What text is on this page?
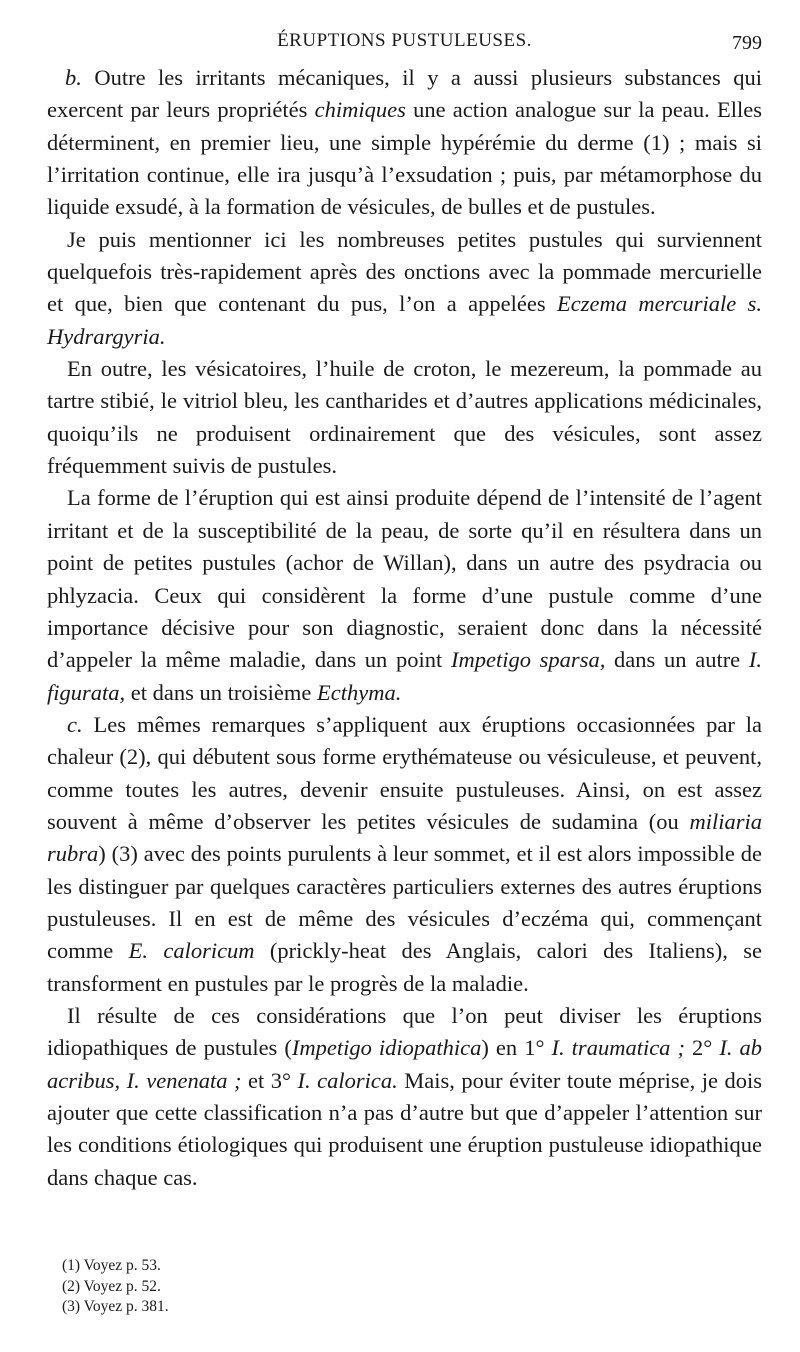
ÉRUPTIONS PUSTULEUSES.	799

b. Outre les irritants mécaniques, il y a aussi plusieurs substances qui exercent par leurs propriétés chimiques une action analogue sur la peau. Elles déterminent, en premier lieu, une simple hypérémie du derme (1) ; mais si l’irritation continue, elle ira jusqu’à l’exsudation ; puis, par métamorphose du liquide exsudé, à la formation de vésicules, de bulles et de pustules.

Je puis mentionner ici les nombreuses petites pustules qui surviennent quelquefois très-rapidement après des onctions avec la pommade mercurielle et que, bien que contenant du pus, l’on a appelées Eczema mercuriale s. Hydrargyria.

En outre, les vésicatoires, l’huile de croton, le mezereum, la pommade au tartre stibié, le vitriol bleu, les cantharides et d’autres applications médicinales, quoiqu’ils ne produisent ordinairement que des vésicules, sont assez fréquemment suivis de pustules.

La forme de l’éruption qui est ainsi produite dépend de l’intensité de l’agent irritant et de la susceptibilité de la peau, de sorte qu’il en résultera dans un point de petites pustules (achor de Willan), dans un autre des psydracia ou phlyzacia. Ceux qui considèrent la forme d’une pustule comme d’une importance décisive pour son diagnostic, seraient donc dans la nécessité d’appeler la même maladie, dans un point Impetigo sparsa, dans un autre I. figurata, et dans un troisième Ecthyma.

c. Les mêmes remarques s’appliquent aux éruptions occasionnées par la chaleur (2), qui débutent sous forme erythémateuse ou vésiculeuse, et peuvent, comme toutes les autres, devenir ensuite pustuleuses. Ainsi, on est assez souvent à même d’observer les petites vésicules de sudamina (ou miliaria rubra) (3) avec des points purulents à leur sommet, et il est alors impossible de les distinguer par quelques caractères particuliers externes des autres éruptions pustuleuses. Il en est de même des vésicules d’eczéma qui, commençant comme E. caloricum (prickly-heat des Anglais, calori des Italiens), se transforment en pustules par le progrès de la maladie.

Il résulte de ces considérations que l’on peut diviser les éruptions idiopathiques de pustules (Impetigo idiopathica) en 1° I. traumatica ; 2° I. ab acribus, I. venenata ; et 3° I. calorica. Mais, pour éviter toute méprise, je dois ajouter que cette classification n’a pas d’autre but que d’appeler l’attention sur les conditions étiologiques qui produisent une éruption pustuleuse idiopathique dans chaque cas.

(1) Voyez p. 53.

(2) Voyez p. 52.

(3) Voyez p. 381.
